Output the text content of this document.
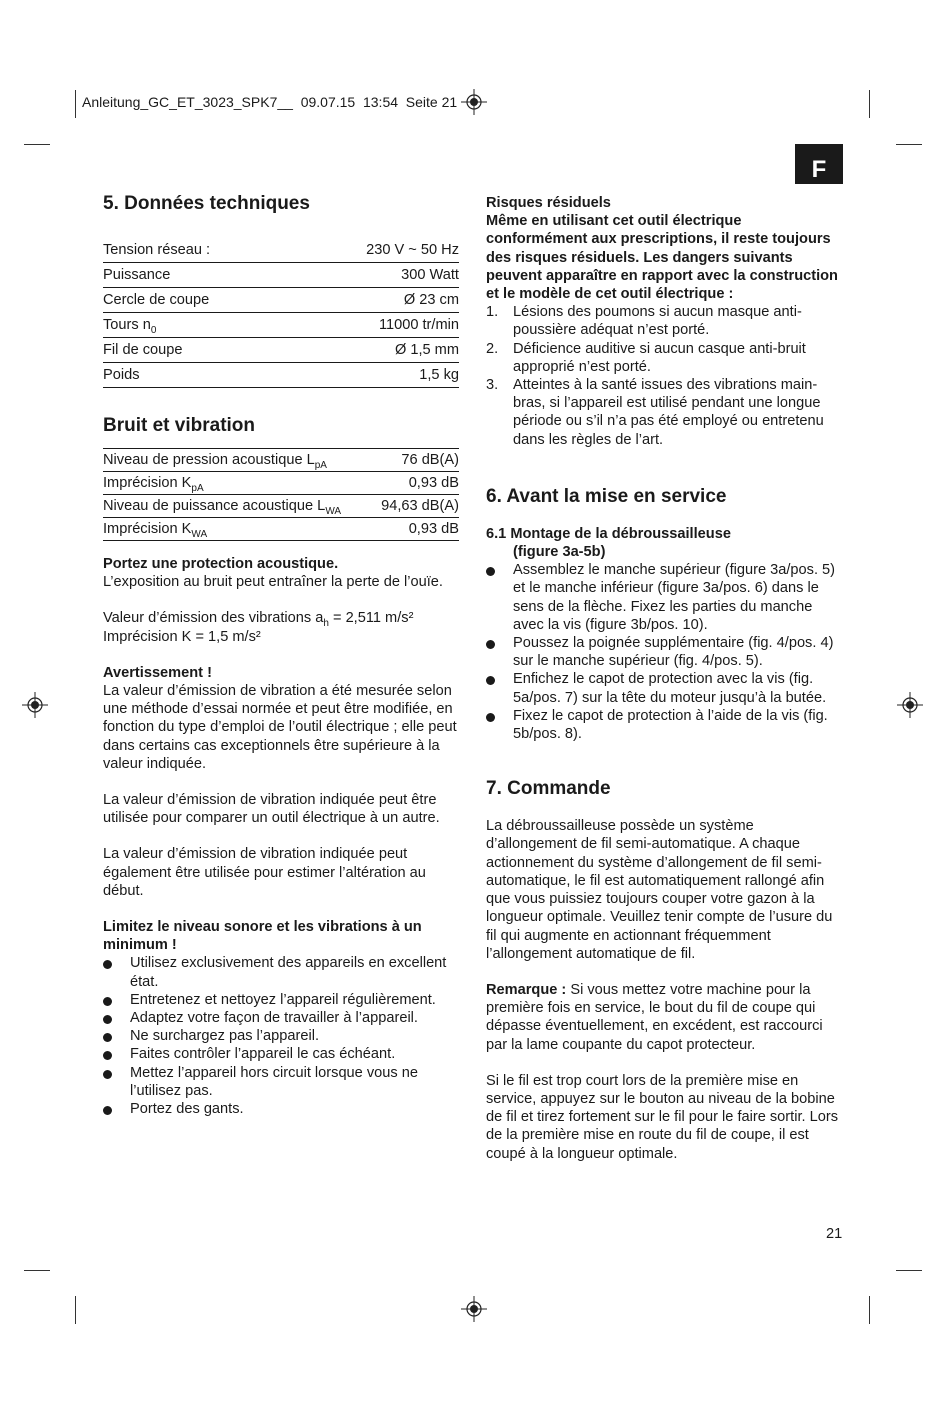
Anleitung_GC_ET_3023_SPK7__  09.07.15  13:54  Seite 21
F
5. Données techniques
Tension réseau :	230 V ~ 50 Hz
Puissance	300 Watt
Cercle de coupe	Ø 23 cm
Tours $n_0$	11000 tr/min
Fil de coupe	Ø 1,5 mm
Poids	1,5 kg
Bruit et vibration
Niveau de pression acoustique $L_{pA}$	76 dB(A)
Imprécision $K_{pA}$	0,93 dB
Niveau de puissance acoustique $L_{WA}$	94,63 dB(A)
Imprécision $K_{WA}$	0,93 dB

Portez une protection acoustique.

L’exposition au bruit peut entraîner la perte de l’ouïe.

Valeur d’émission des vibrations $a_h = 2,511$ m/s²

Imprécision K = 1,5 m/s²

Avertissement !

La valeur d’émission de vibration a été mesurée selon une méthode d’essai normée et peut être modifiée, en fonction du type d’emploi de l’outil électrique ; elle peut dans certains cas exceptionnels être supérieure à la valeur indiquée.

La valeur d’émission de vibration indiquée peut être utilisée pour comparer un outil électrique à un autre.

La valeur d’émission de vibration indiquée peut également être utilisée pour estimer l’altération au début.

Limitez le niveau sonore et les vibrations à un minimum !

Utilisez exclusivement des appareils en excellent état.
Entretenez et nettoyez l’appareil régulièrement.
Adaptez votre façon de travailler à l’appareil.
Ne surchargez pas l’appareil.
Faites contrôler l’appareil le cas échéant.
Mettez l’appareil hors circuit lorsque vous ne l’utilisez pas.
Portez des gants.

Risques résiduels

Même en utilisant cet outil électrique conformément aux prescriptions, il reste toujours des risques résiduels. Les dangers suivants peuvent apparaître en rapport avec la construction et le modèle de cet outil électrique :

1. Lésions des poumons si aucun masque anti-poussière adéquat n’est porté.
2. Déficience auditive si aucun casque anti-bruit approprié n’est porté.
3. Atteintes à la santé issues des vibrations main-bras, si l’appareil est utilisé pendant une longue période ou s’il n’a pas été employé ou entretenu dans les règles de l’art.
6. Avant la mise en service

6.1 Montage de la débroussailleuse

(figure 3a-5b)

Assemblez le manche supérieur (figure 3a/pos. 5) et le manche inférieur (figure 3a/pos. 6) dans le sens de la flèche. Fixez les parties du manche avec la vis (figure 3b/pos. 10).
Poussez la poignée supplémentaire (fig. 4/pos. 4) sur le manche supérieur (fig. 4/pos. 5).
Enfichez le capot de protection avec la vis (fig. 5a/pos. 7) sur la tête du moteur jusqu’à la butée.
Fixez le capot de protection à l’aide de la vis (fig. 5b/pos. 8).
7. Commande

La débroussailleuse possède un système d’allongement de fil semi-automatique. A chaque actionnement du système d’allongement de fil semi-automatique, le fil est automatiquement rallongé afin que vous puissiez toujours couper votre gazon à la longueur optimale. Veuillez tenir compte de l’usure du fil qui augmente en actionnant fréquemment l’allongement automatique de fil.

Remarque : Si vous mettez votre machine pour la première fois en service, le bout du fil de coupe qui dépasse éventuellement, en excédent, est raccourci par la lame coupante du capot protecteur.

Si le fil est trop court lors de la première mise en service, appuyez sur le bouton au niveau de la bobine de fil et tirez fortement sur le fil pour le faire sortir. Lors de la première mise en route du fil de coupe, il est coupé à la longueur optimale.

21
